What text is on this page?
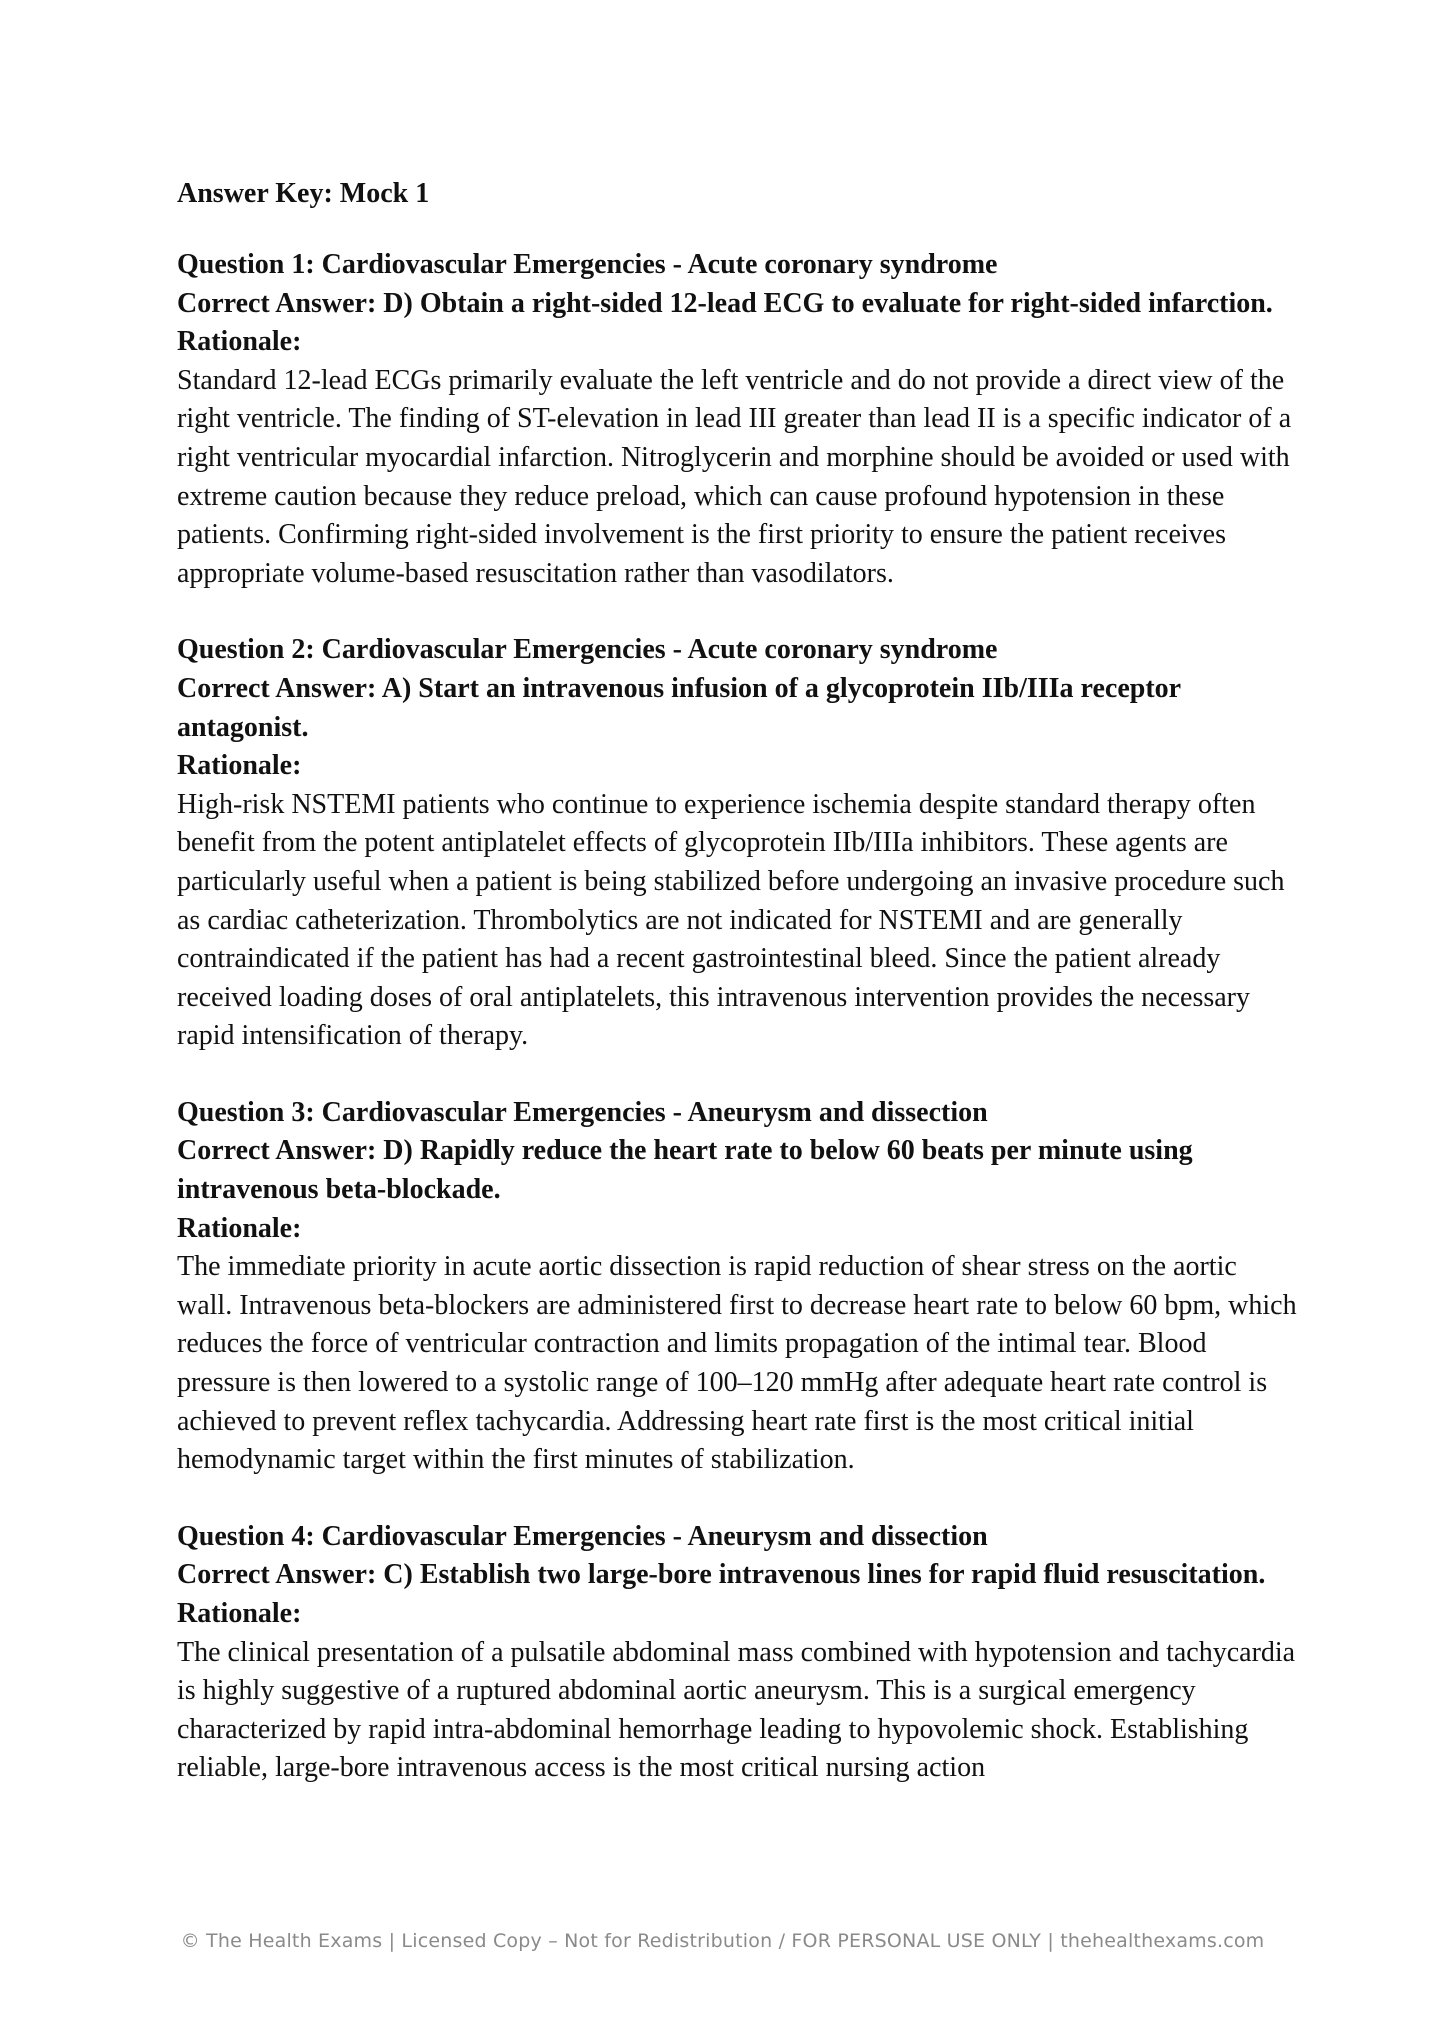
Answer Key: Mock 1

Question 1: Cardiovascular Emergencies - Acute coronary syndrome

Correct Answer: D) Obtain a right-sided 12-lead ECG to evaluate for right-sided infarction.

Rationale:

Standard 12-lead ECGs primarily evaluate the left ventricle and do not provide a direct view of the right ventricle. The finding of ST-elevation in lead III greater than lead II is a specific indicator of a right ventricular myocardial infarction. Nitroglycerin and morphine should be avoided or used with extreme caution because they reduce preload, which can cause profound hypotension in these patients. Confirming right-sided involvement is the first priority to ensure the patient receives appropriate volume-based resuscitation rather than vasodilators.

Question 2: Cardiovascular Emergencies - Acute coronary syndrome

Correct Answer: A) Start an intravenous infusion of a glycoprotein IIb/IIIa receptor antagonist.

Rationale:

High-risk NSTEMI patients who continue to experience ischemia despite standard therapy often benefit from the potent antiplatelet effects of glycoprotein IIb/IIIa inhibitors. These agents are particularly useful when a patient is being stabilized before undergoing an invasive procedure such as cardiac catheterization. Thrombolytics are not indicated for NSTEMI and are generally contraindicated if the patient has had a recent gastrointestinal bleed. Since the patient already received loading doses of oral antiplatelets, this intravenous intervention provides the necessary rapid intensification of therapy.

Question 3: Cardiovascular Emergencies - Aneurysm and dissection

Correct Answer: D) Rapidly reduce the heart rate to below 60 beats per minute using intravenous beta-blockade.

Rationale:

The immediate priority in acute aortic dissection is rapid reduction of shear stress on the aortic wall. Intravenous beta-blockers are administered first to decrease heart rate to below 60 bpm, which reduces the force of ventricular contraction and limits propagation of the intimal tear. Blood pressure is then lowered to a systolic range of 100–120 mmHg after adequate heart rate control is achieved to prevent reflex tachycardia. Addressing heart rate first is the most critical initial hemodynamic target within the first minutes of stabilization.

Question 4: Cardiovascular Emergencies - Aneurysm and dissection

Correct Answer: C) Establish two large-bore intravenous lines for rapid fluid resuscitation.

Rationale:

The clinical presentation of a pulsatile abdominal mass combined with hypotension and tachycardia is highly suggestive of a ruptured abdominal aortic aneurysm. This is a surgical emergency characterized by rapid intra-abdominal hemorrhage leading to hypovolemic shock. Establishing reliable, large-bore intravenous access is the most critical nursing action

© The Health Exams | Licensed Copy – Not for Redistribution / FOR PERSONAL USE ONLY | thehealthexams.com
